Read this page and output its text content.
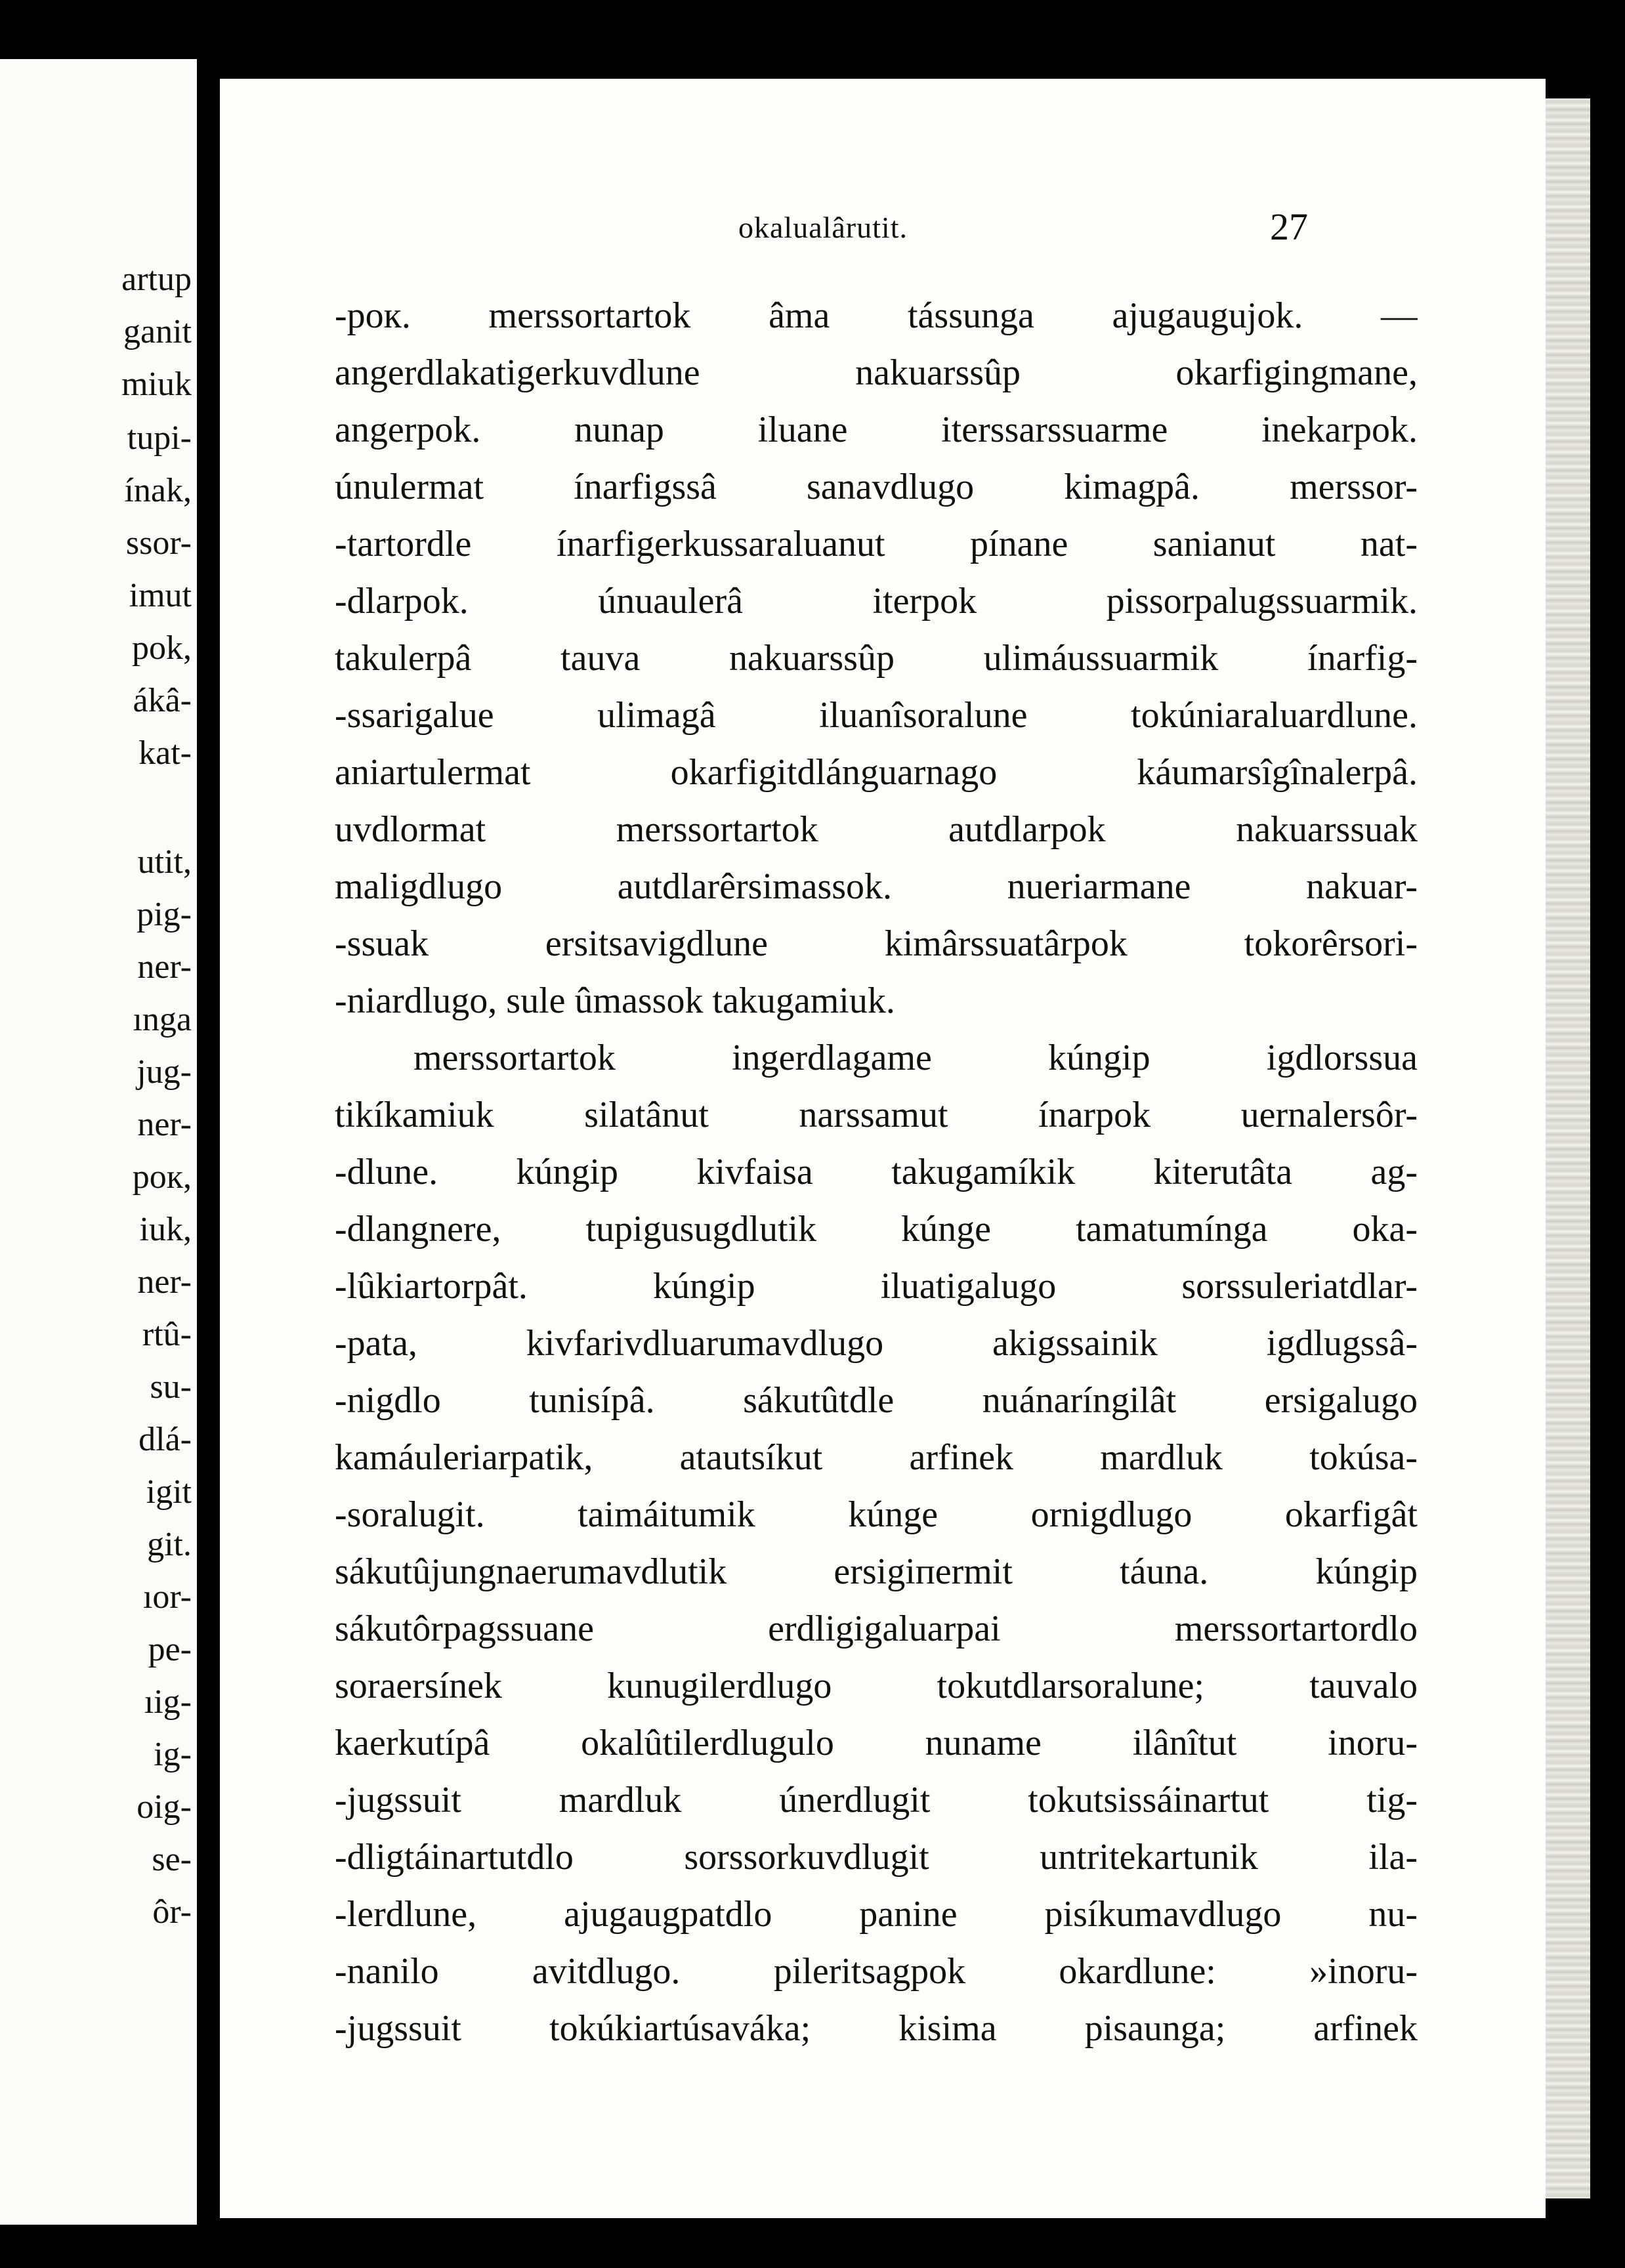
artup
ganit
miuk
tupi-
ínak,
ssor-
imut
pok,
ákâ-
kat-
utit,
pig-
ner-
ınga
jug-
ner-
рок,
iuk,
ner-
rtû-
su-
dlá-
igit
git.
ıor-
pe-
ıig-
ig-
oig-
se-
ôr-
okalualârutit.	27
-рок. merssortartok âma tássunga ajugaugujok. —
angerdlakatigerkuvdlune nakuarssûp okarfigingmane,
angerpok. nunap iluane iterssarssuarme inekarpok.
únulermat ínarfigssâ sanavdlugo kimagpâ. merssor-
-tartordle ínarfigerkussaraluanut pínane sanianut nat-
-dlarpok. únuaulerâ iterpok pissorpalugssuarmik.
takulerpâ tauva nakuarssûp ulimáussuarmik ínarfig-
-ssarigalue ulimagâ iluanîsoralune tokúniaraluardlune.
aniartulermat okarfigitdlánguarnago káumarsîgînalerpâ.
uvdlormat merssortartok autdlarpok nakuarssuak
maligdlugo autdlarêrsimassok. nueriarmane nakuar-
-ssuak ersitsavigdlune kimârssuatârpok tokorêrsori-
-niardlugo, sule ûmassok takugamiuk.
merssortartok ingerdlagame kúngip igdlorssua
tikíkamiuk silatânut narssamut ínarpok uernalersôr-
-dlune. kúngip kivfaisa takugamíkik kiterutâta ag-
-dlangnere, tupigusugdlutik kúnge tamatumínga oka-
-lûkiartorpât. kúngip iluatigalugo sorssuleriatdlar-
-pata, kivfarivdluarumavdlugo akigssainik igdlugssâ-
-nigdlo tunisípâ. sákutûtdle nuánaríngilât ersigalugo
kamáuleriarpatik, atautsíkut arfinek mardluk tokúsa-
-soralugit. taimáitumik kúnge ornigdlugo okarfigât
sákutûjungnaerumavdlutik ersigiпermit táuna. kúngip
sákutôrpagssuane erdligigaluarpai merssortartordlo
soraersínek kunugilerdlugo tokutdlarsoralune; tauvalo
kaerkutípâ okalûtilerdlugulo nuname ilânîtut inoru-
-jugssuit mardluk únerdlugit tokutsissáinartut tig-
-dligtáinartutdlo sorssorkuvdlugit untritekartunik ila-
-lerdlune, ajugaugpatdlo panine pisíkumavdlugo nu-
-nanilo avitdlugo. pileritsagpok okardlune: »inoru-
-jugssuit tokúkiartúsaváka; kisima pisaunga; arfinek
